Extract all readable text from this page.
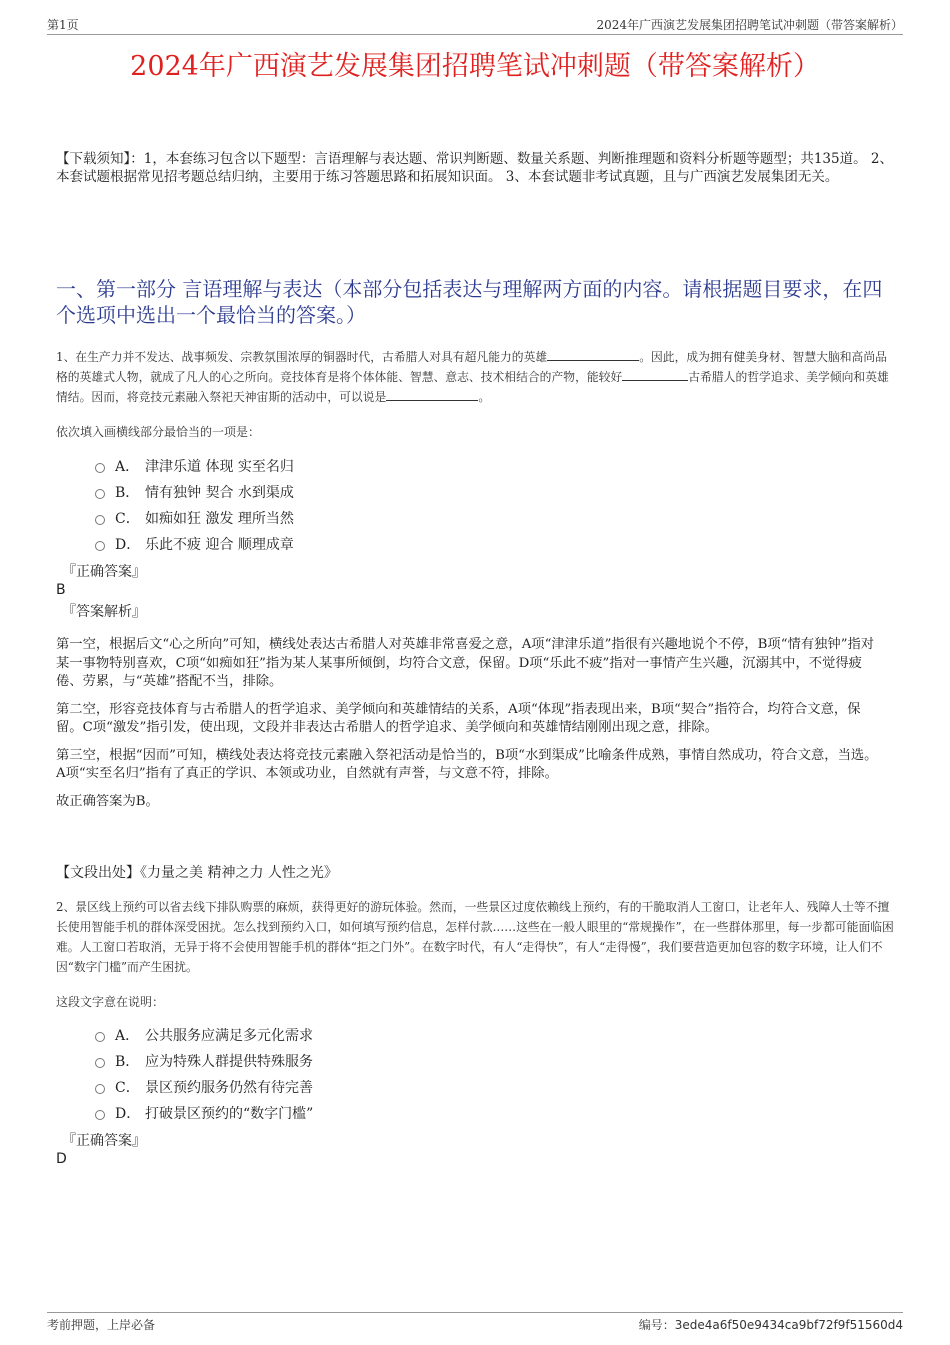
第1页	2024年广西演艺发展集团招聘笔试冲刺题（带答案解析）
2024年广西演艺发展集团招聘笔试冲刺题（带答案解析）
【下载须知】：1，本套练习包含以下题型：言语理解与表达题、常识判断题、数量关系题、判断推理题和资料分析题等题型；共135道。 2、本套试题根据常见招考题总结归纳，主要用于练习答题思路和拓展知识面。 3、本套试题非考试真题，且与广西演艺发展集团无关。
一、第一部分 言语理解与表达（本部分包括表达与理解两方面的内容。请根据题目要求，在四个选项中选出一个最恰当的答案。）
1、在生产力并不发达、战事频发、宗教氛围浓厚的铜器时代，古希腊人对具有超凡能力的英雄	。因此，成为拥有健美身材、智慧大脑和高尚品格的英雄式人物，就成了凡人的心之所向。竞技体育是将个体体能、智慧、意志、技术相结合的产物，能较好	古希腊人的哲学追求、美学倾向和英雄情结。因而，将竞技元素融入祭祀天神宙斯的活动中，可以说是	。
依次填入画横线部分最恰当的一项是：
A． 津津乐道 体现 实至名归
B． 情有独钟 契合 水到渠成
C． 如痴如狂 激发 理所当然
D． 乐此不疲 迎合 顺理成章
『正确答案』
B
『答案解析』

第一空，根据后文“心之所向”可知，横线处表达古希腊人对英雄非常喜爱之意，A项“津津乐道”指很有兴趣地说个不停，B项“情有独钟”指对某一事物特别喜欢，C项“如痴如狂”指为某人某事所倾倒，均符合文意，保留。D项“乐此不疲”指对一事情产生兴趣，沉溺其中，不觉得疲倦、劳累，与“英雄”搭配不当，排除。

第二空，形容竞技体育与古希腊人的哲学追求、美学倾向和英雄情结的关系，A项“体现”指表现出来，B项“契合”指符合，均符合文意，保留。C项“激发”指引发，使出现，文段并非表达古希腊人的哲学追求、美学倾向和英雄情结刚刚出现之意，排除。

第三空，根据“因而”可知，横线处表达将竞技元素融入祭祀活动是恰当的，B项“水到渠成”比喻条件成熟，事情自然成功，符合文意，当选。A项“实至名归”指有了真正的学识、本领或功业，自然就有声誉，与文意不符，排除。

故正确答案为B。

【文段出处】《力量之美 精神之力 人性之光》
2、景区线上预约可以省去线下排队购票的麻烦，获得更好的游玩体验。然而，一些景区过度依赖线上预约，有的干脆取消人工窗口，让老年人、残障人士等不擅长使用智能手机的群体深受困扰。怎么找到预约入口，如何填写预约信息，怎样付款……这些在一般人眼里的“常规操作”，在一些群体那里，每一步都可能面临困难。人工窗口若取消，无异于将不会使用智能手机的群体“拒之门外”。在数字时代，有人“走得快”，有人“走得慢”，我们要营造更加包容的数字环境，让人们不因“数字门槛”而产生困扰。
这段文字意在说明：
A． 公共服务应满足多元化需求
B． 应为特殊人群提供特殊服务
C． 景区预约服务仍然有待完善
D． 打破景区预约的“数字门槛”
『正确答案』
D
考前押题，上岸必备	编号：3ede4a6f50e9434ca9bf72f9f51560d4
